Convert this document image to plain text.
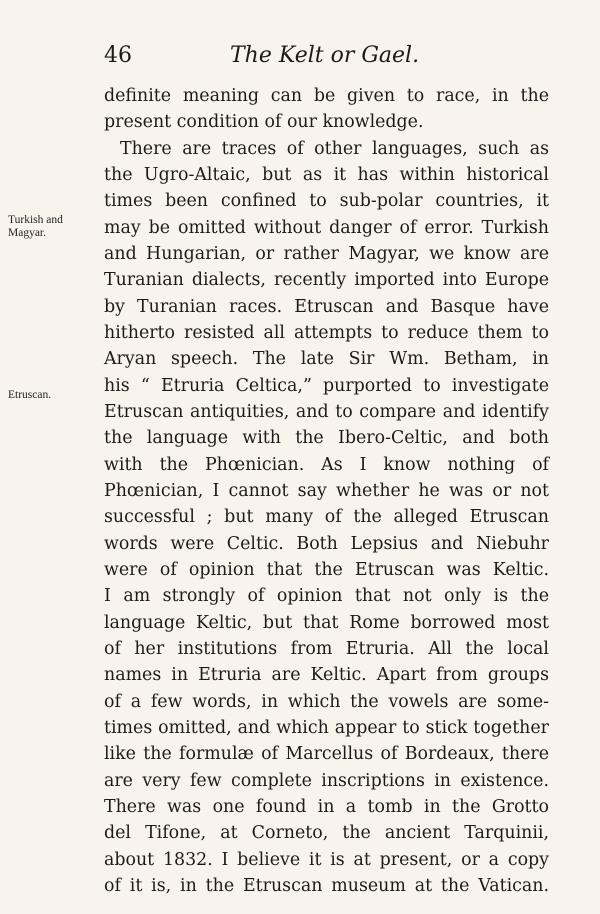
46	The Kelt or Gael.
Turkish and
Magyar.
Etruscan.
definite meaning can be given to race, in the
present condition of our knowledge.
There are traces of other languages, such as
the Ugro-Altaic, but as it has within historical
times been confined to sub-polar countries, it
may be omitted without danger of error. Turkish
and Hungarian, or rather Magyar, we know are
Turanian dialects, recently imported into Europe
by Turanian races. Etruscan and Basque have
hitherto resisted all attempts to reduce them to
Aryan speech. The late Sir Wm. Betham, in
his “ Etruria Celtica,” purported to investigate
Etruscan antiquities, and to compare and identify
the language with the Ibero-Celtic, and both
with the Phœnician. As I know nothing of
Phœnician, I cannot say whether he was or not
successful ; but many of the alleged Etruscan
words were Celtic. Both Lepsius and Niebuhr
were of opinion that the Etruscan was Keltic.
I am strongly of opinion that not only is the
language Keltic, but that Rome borrowed most
of her institutions from Etruria. All the local
names in Etruria are Keltic. Apart from groups
of a few words, in which the vowels are some-
times omitted, and which appear to stick together
like the formulæ of Marcellus of Bordeaux, there
are very few complete inscriptions in existence.
There was one found in a tomb in the Grotto
del Tifone, at Corneto, the ancient Tarquinii,
about 1832. I believe it is at present, or a copy
of it is, in the Etruscan museum at the Vatican.
